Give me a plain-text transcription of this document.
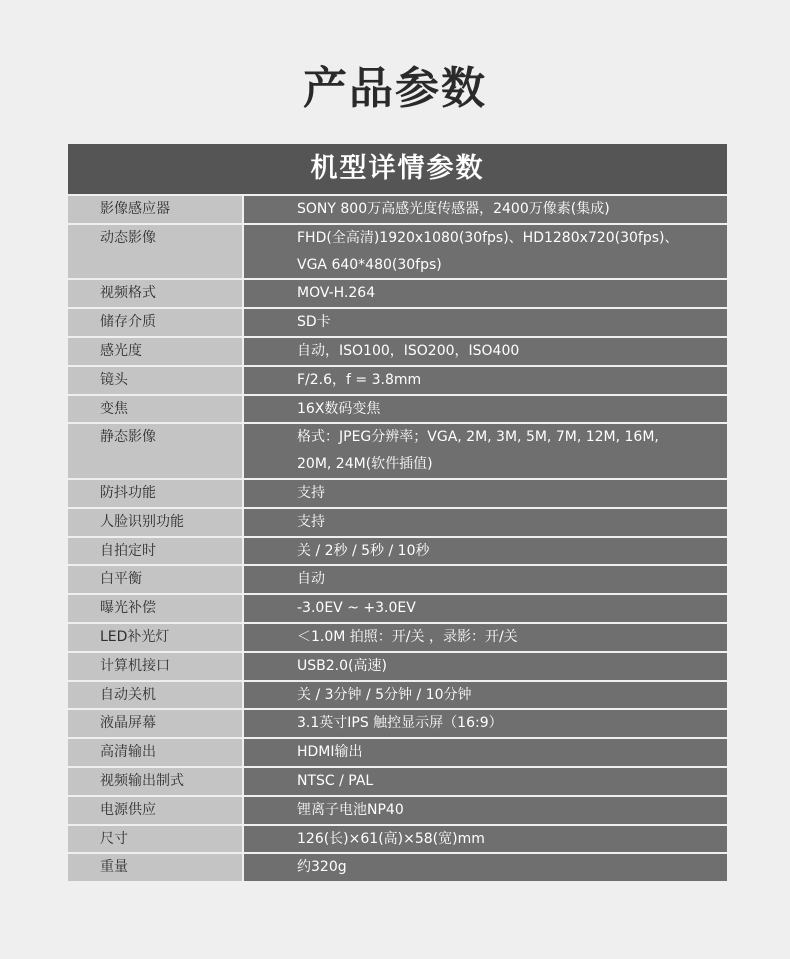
产品参数
机型详情参数
影像感应器	SONY 800万高感光度传感器，2400万像素(集成)
动态影像	FHD(全高清)1920x1080(30fps)、HD1280x720(30fps)、
VGA 640*480(30fps)
视频格式	MOV-H.264
储存介质	SD卡
感光度	自动，ISO100，ISO200，ISO400
镜头	F/2.6，f = 3.8mm
变焦	16X数码变焦
静态影像	格式：JPEG分辨率；VGA, 2M, 3M, 5M, 7M, 12M, 16M,
20M, 24M(软件插值)
防抖功能	支持
人脸识别功能	支持
自拍定时	关 / 2秒 / 5秒 / 10秒
白平衡	自动
曝光补偿	-3.0EV ~ +3.0EV
LED补光灯	＜1.0M 拍照：开/关 ，录影：开/关
计算机接口	USB2.0(高速)
自动关机	关 / 3分钟 / 5分钟 / 10分钟
液晶屏幕	3.1英寸IPS 触控显示屏（16:9）
高清输出	HDMI输出
视频输出制式	NTSC / PAL
电源供应	锂离子电池NP40
尺寸	126(长)×61(高)×58(宽)mm
重量	约320g
